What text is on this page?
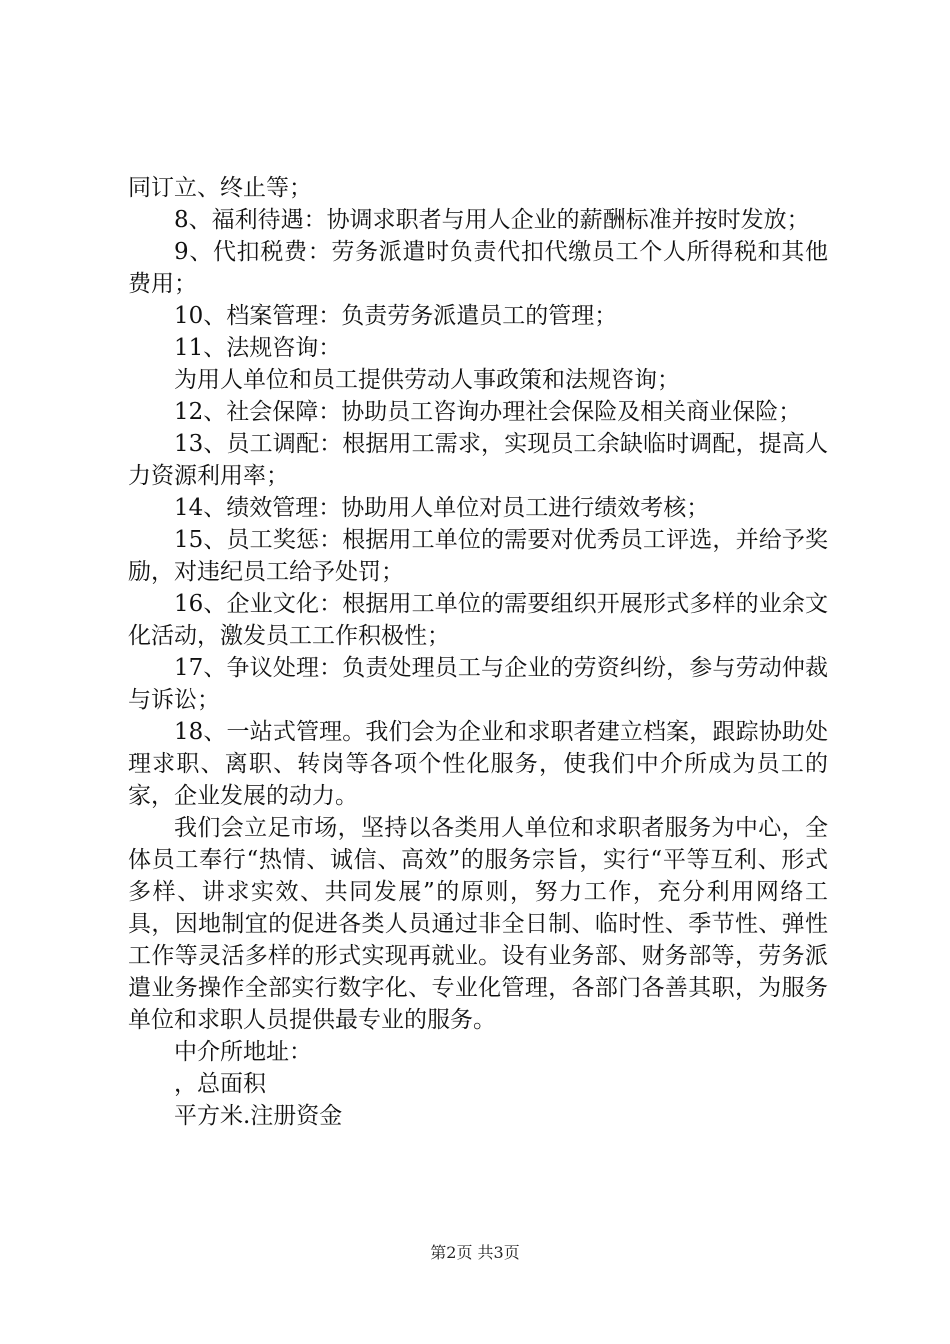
同订立、终止等；

8、福利待遇：协调求职者与用人企业的薪酬标准并按时发放；

9、代扣税费：劳务派遣时负责代扣代缴员工个人所得税和其他费用；

10、档案管理：负责劳务派遣员工的管理；

11、法规咨询：

为用人单位和员工提供劳动人事政策和法规咨询；

12、社会保障：协助员工咨询办理社会保险及相关商业保险；

13、员工调配：根据用工需求，实现员工余缺临时调配，提高人力资源利用率；

14、绩效管理：协助用人单位对员工进行绩效考核；

15、员工奖惩：根据用工单位的需要对优秀员工评选，并给予奖励，对违纪员工给予处罚；

16、企业文化：根据用工单位的需要组织开展形式多样的业余文化活动，激发员工工作积极性；

17、争议处理：负责处理员工与企业的劳资纠纷，参与劳动仲裁与诉讼；

18、一站式管理。我们会为企业和求职者建立档案，跟踪协助处理求职、离职、转岗等各项个性化服务，使我们中介所成为员工的家，企业发展的动力。

我们会立足市场，坚持以各类用人单位和求职者服务为中心，全体员工奉行“热情、诚信、高效”的服务宗旨，实行“平等互利、形式多样、讲求实效、共同发展”的原则，努力工作，充分利用网络工具，因地制宜的促进各类人员通过非全日制、临时性、季节性、弹性工作等灵活多样的形式实现再就业。设有业务部、财务部等，劳务派遣业务操作全部实行数字化、专业化管理，各部门各善其职，为服务单位和求职人员提供最专业的服务。

中介所地址：

，总面积

平方米.注册资金

第2页 共3页
